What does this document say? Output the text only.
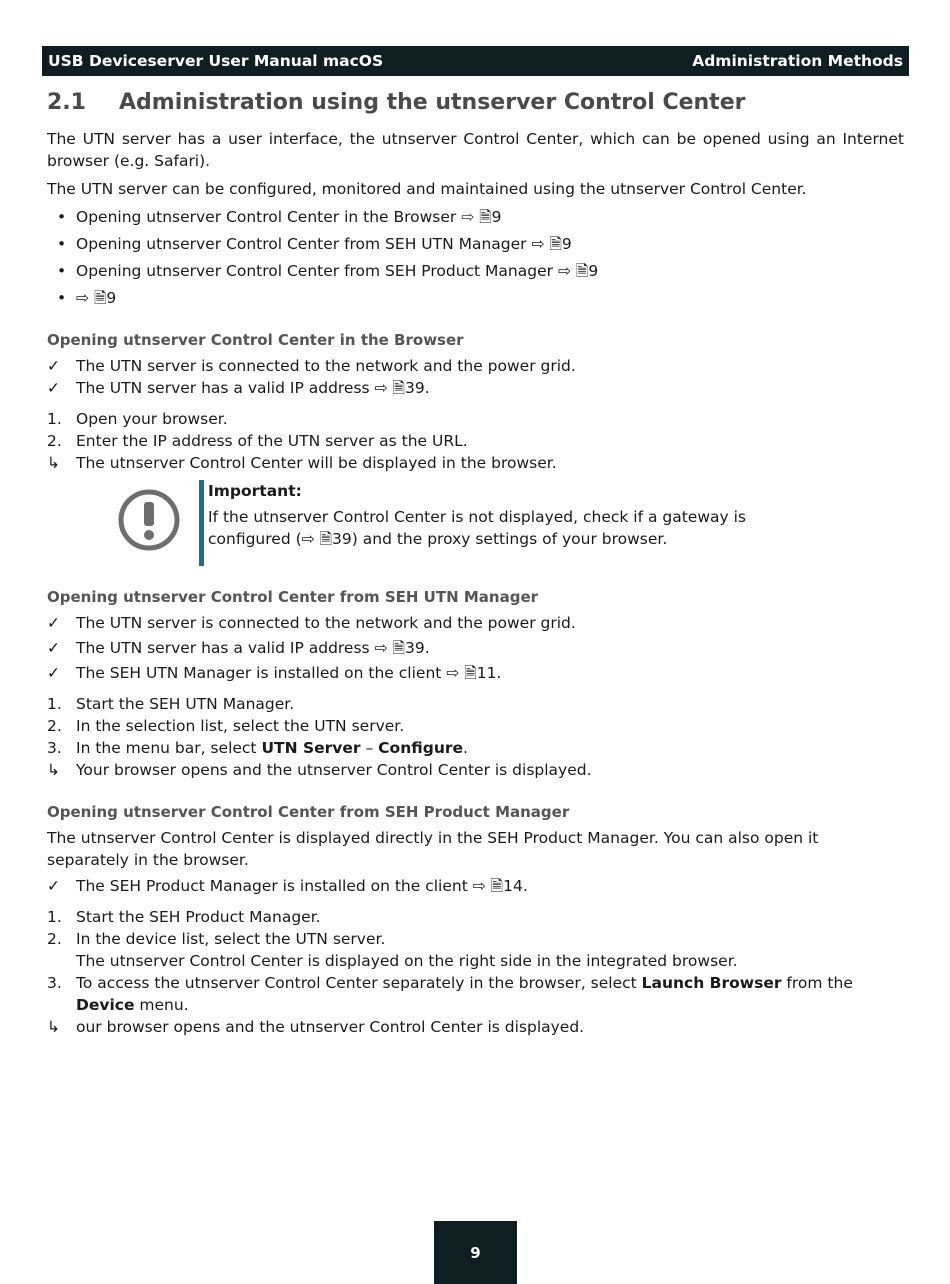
USB Deviceserver User Manual macOS	Administration Methods
2.1 Administration using the utnserver Control Center

The UTN server has a user interface, the utnserver Control Center, which can be opened using an Internet browser (e.g. Safari).

The UTN server can be configured, monitored and maintained using the utnserver Control Center.

• Opening utnserver Control Center in the Browser ⇨ 🗎9
• Opening utnserver Control Center from SEH UTN Manager ⇨ 🗎9
• Opening utnserver Control Center from SEH Product Manager ⇨ 🗎9
• ⇨ 🗎9
Opening utnserver Control Center in the Browser
✓	The UTN server is connected to the network and the power grid.
✓	The UTN server has a valid IP address ⇨ 🗎39.
1. Open your browser.
2. Enter the IP address of the UTN server as the URL.
↳	The utnserver Control Center will be displayed in the browser.
Important:
If the utnserver Control Center is not displayed, check if a gateway is
configured (⇨ 🗎39) and the proxy settings of your browser.
Opening utnserver Control Center from SEH UTN Manager
✓	The UTN server is connected to the network and the power grid.
✓	The UTN server has a valid IP address ⇨ 🗎39.
✓	The SEH UTN Manager is installed on the client ⇨ 🗎11.
1. Start the SEH UTN Manager.
2. In the selection list, select the UTN server.
3. In the menu bar, select UTN Server – Configure.
↳	Your browser opens and the utnserver Control Center is displayed.
Opening utnserver Control Center from SEH Product Manager

The utnserver Control Center is displayed directly in the SEH Product Manager. You can also open it separately in the browser.

✓	The SEH Product Manager is installed on the client ⇨ 🗎14.
1. Start the SEH Product Manager.
2. In the device list, select the UTN server.
The utnserver Control Center is displayed on the right side in the integrated browser.
3. To access the utnserver Control Center separately in the browser, select Launch Browser from the Device menu.
↳	our browser opens and the utnserver Control Center is displayed.
9
